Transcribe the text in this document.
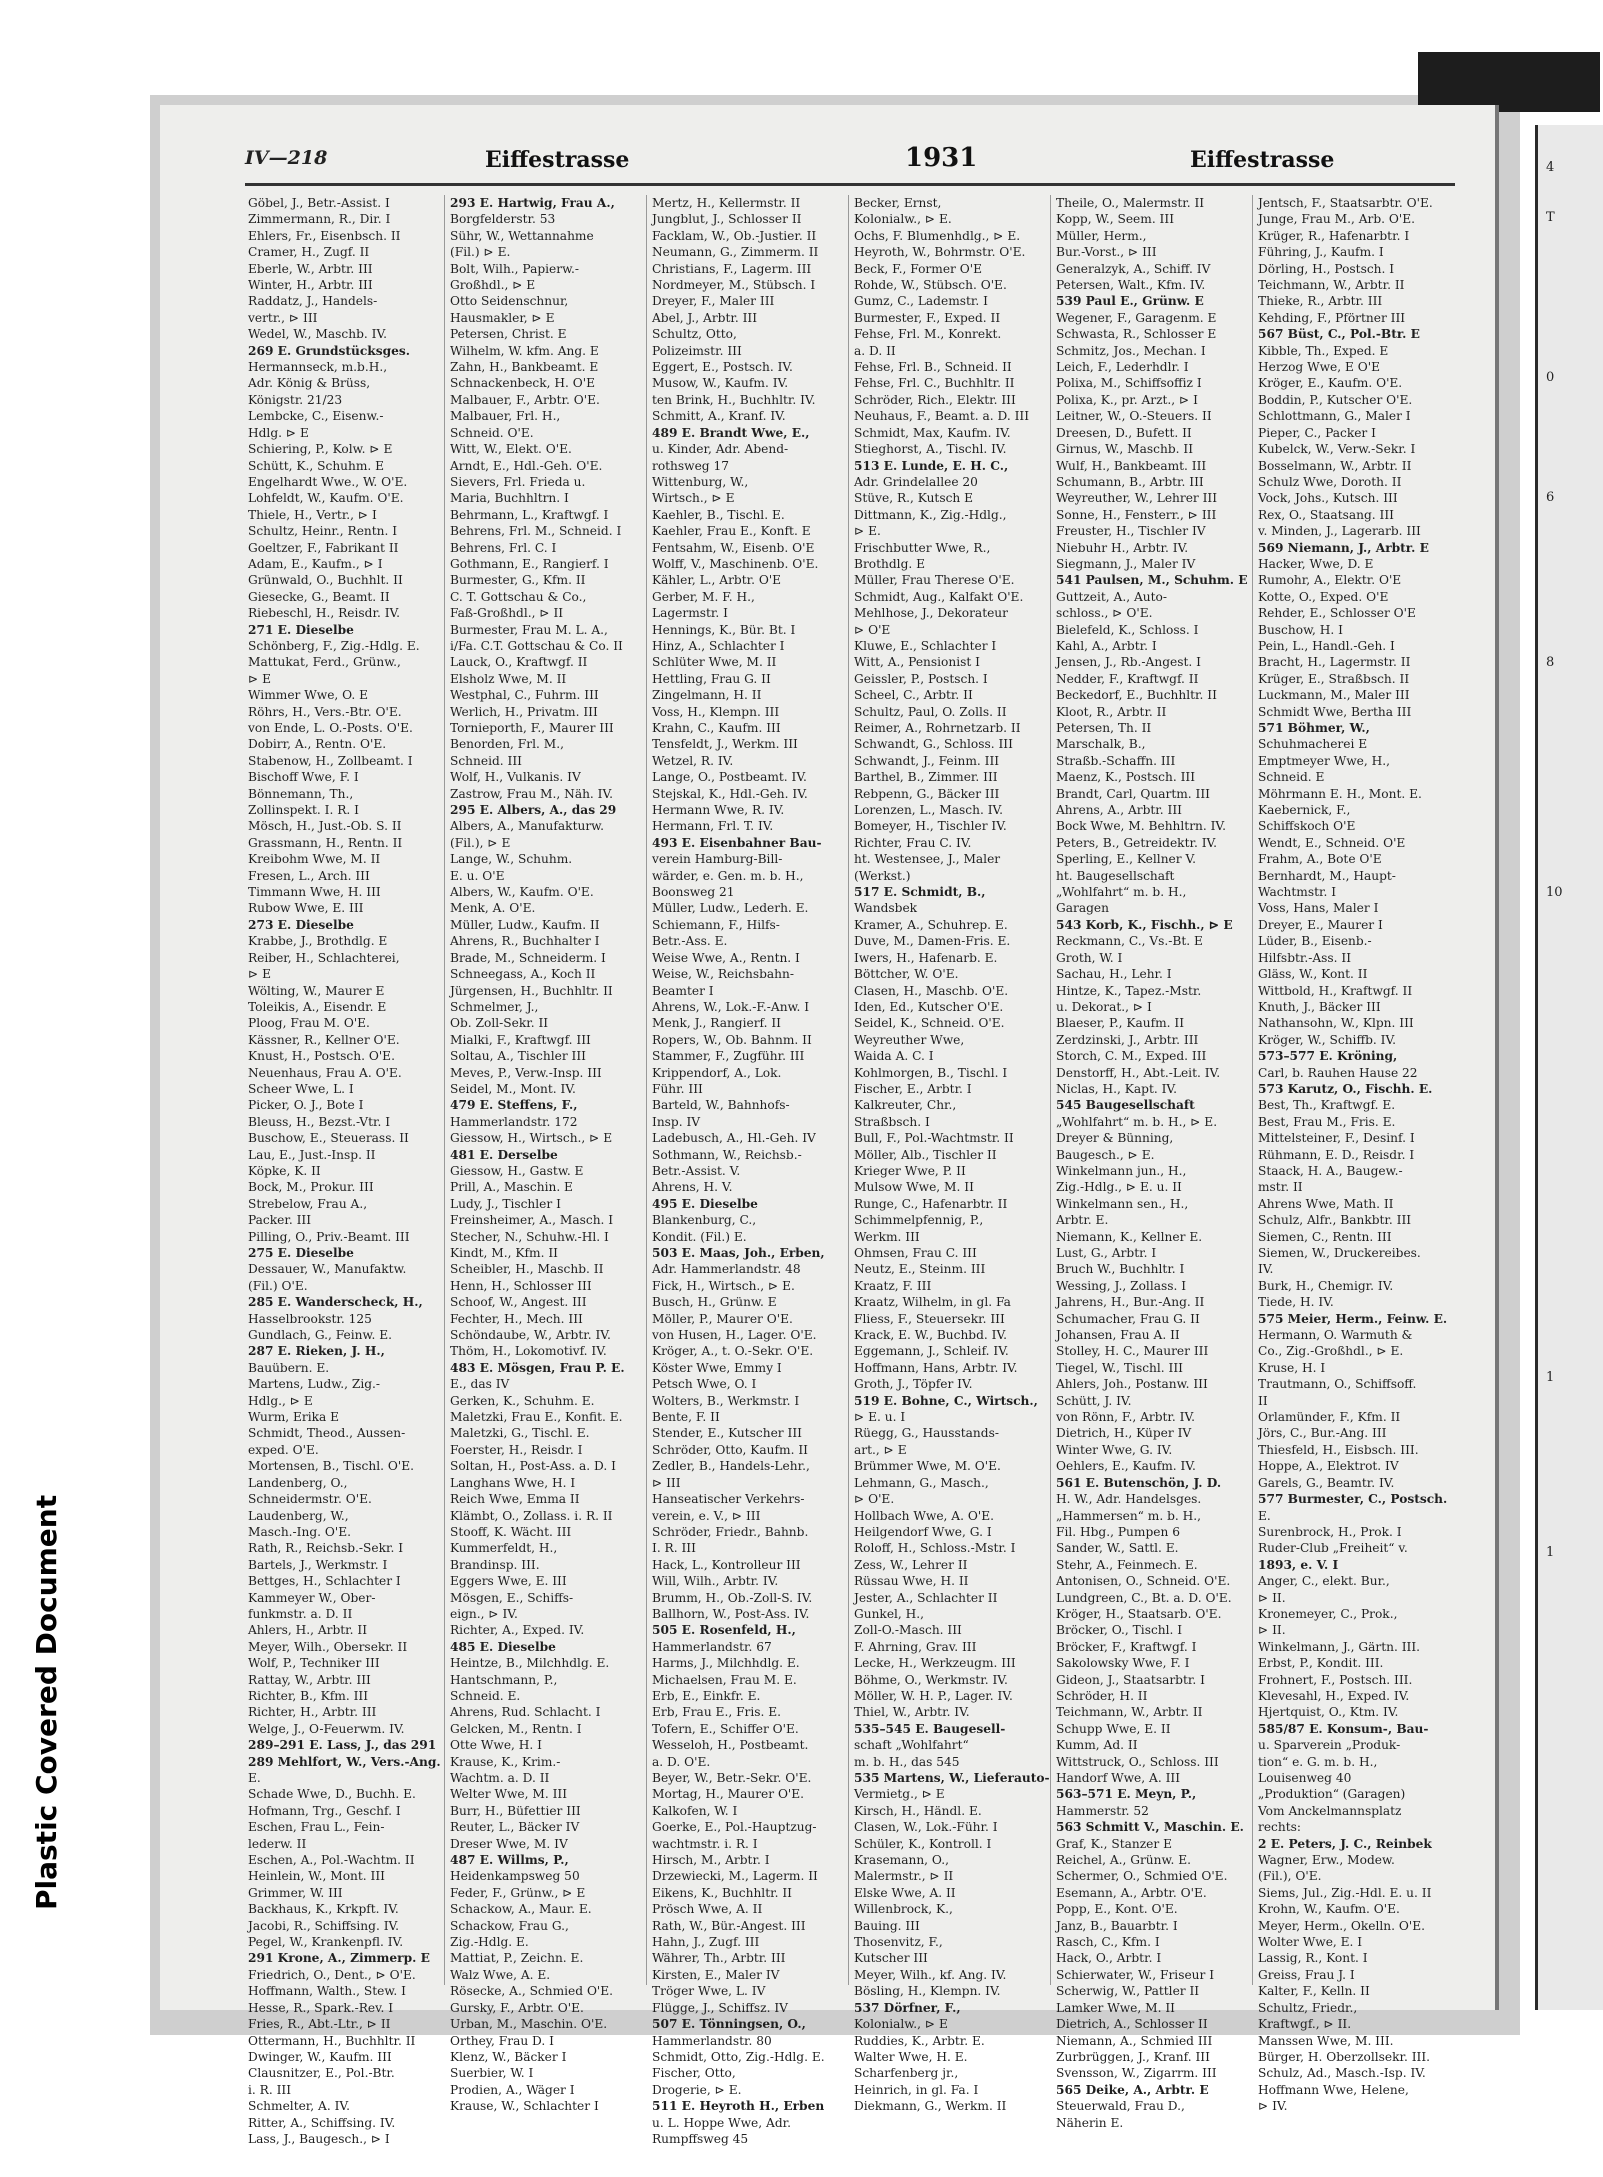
4
T
0
6
8
10
1
1
IV—218	Eiffestrasse	1931	Eiffestrasse
Göbel, J., Betr.-Assist. I
Zimmermann, R., Dir. I
Ehlers, Fr., Eisenbsch. II
Cramer, H., Zugf. II
Eberle, W., Arbtr. III
Winter, H., Arbtr. III
Raddatz, J., Handels-
vertr., ⊳ III
Wedel, W., Maschb. IV.
269 E. Grundstücksges.
Hermannseck, m.b.H.,
Adr. König & Brüss,
Königstr. 21/23
Lembcke, C., Eisenw.-
Hdlg. ⊳ E
Schiering, P., Kolw. ⊳ E
Schütt, K., Schuhm. E
Engelhardt Wwe., W. O'E.
Lohfeldt, W., Kaufm. O'E.
Thiele, H., Vertr., ⊳ I
Schultz, Heinr., Rentn. I
Goeltzer, F., Fabrikant II
Adam, E., Kaufm., ⊳ I
Grünwald, O., Buchhlt. II
Giesecke, G., Beamt. II
Riebeschl, H., Reisdr. IV.
271 E. Dieselbe
Schönberg, F., Zig.-Hdlg. E.
Mattukat, Ferd., Grünw.,
⊳ E
Wimmer Wwe, O. E
Röhrs, H., Vers.-Btr. O'E.
von Ende, L. O.-Posts. O'E.
Dobirr, A., Rentn. O'E.
Stabenow, H., Zollbeamt. I
Bischoff Wwe, F. I
Bönnemann, Th.,
Zollinspekt. I. R. I
Mösch, H., Just.-Ob. S. II
Grassmann, H., Rentn. II
Kreibohm Wwe, M. II
Fresen, L., Arch. III
Timmann Wwe, H. III
Rubow Wwe, E. III
273 E. Dieselbe
Krabbe, J., Brothdlg. E
Reiber, H., Schlachterei,
⊳ E
Wölting, W., Maurer E
Toleikis, A., Eisendr. E
Ploog, Frau M. O'E.
Kässner, R., Kellner O'E.
Knust, H., Postsch. O'E.
Neuenhaus, Frau A. O'E.
Scheer Wwe, L. I
Picker, O. J., Bote I
Bleuss, H., Bezst.-Vtr. I
Buschow, E., Steuerass. II
Lau, E., Just.-Insp. II
Köpke, K. II
Bock, M., Prokur. III
Strebelow, Frau A.,
Packer. III
Pilling, O., Priv.-Beamt. III
275 E. Dieselbe
Dessauer, W., Manufaktw.
(Fil.) O'E.
285 E. Wanderscheck, H.,
Hasselbrookstr. 125
Gundlach, G., Feinw. E.
287 E. Rieken, J. H.,
Bauübern. E.
Martens, Ludw., Zig.-
Hdlg., ⊳ E
Wurm, Erika E
Schmidt, Theod., Aussen-
exped. O'E.
Mortensen, B., Tischl. O'E.
Landenberg, O.,
Schneidermstr. O'E.
Laudenberg, W.,
Masch.-Ing. O'E.
Rath, R., Reichsb.-Sekr. I
Bartels, J., Werkmstr. I
Bettges, H., Schlachter I
Kammeyer W., Ober-
funkmstr. a. D. II
Ahlers, H., Arbtr. II
Meyer, Wilh., Obersekr. II
Wolf, P., Techniker III
Rattay, W., Arbtr. III
Richter, B., Kfm. III
Richter, H., Arbtr. III
Welge, J., O-Feuerwm. IV.
289–291 E. Lass, J., das 291
289 Mehlfort, W., Vers.-Ang.
E.
Schade Wwe, D., Buchh. E.
Hofmann, Trg., Geschf. I
Eschen, Frau L., Fein-
lederw. II
Eschen, A., Pol.-Wachtm. II
Heinlein, W., Mont. III
Grimmer, W. III
Backhaus, K., Krkpft. IV.
Jacobi, R., Schiffsing. IV.
Pegel, W., Krankenpfl. IV.
291 Krone, A., Zimmerp. E
Friedrich, O., Dent., ⊳ O'E.
Hoffmann, Walth., Stew. I
Hesse, R., Spark.-Rev. I
Fries, R., Abt.-Ltr., ⊳ II
Ottermann, H., Buchhltr. II
Dwinger, W., Kaufm. III
Clausnitzer, E., Pol.-Btr.
i. R. III
Schmelter, A. IV.
Ritter, A., Schiffsing. IV.
Lass, J., Baugesch., ⊳ I
293 E. Hartwig, Frau A.,
Borgfelderstr. 53
Sühr, W., Wettannahme
(Fil.) ⊳ E.
Bolt, Wilh., Papierw.-
Großhdl., ⊳ E
Otto Seidenschnur,
Hausmakler, ⊳ E
Petersen, Christ. E
Wilhelm, W. kfm. Ang. E
Zahn, H., Bankbeamt. E
Schnackenbeck, H. O'E
Malbauer, F., Arbtr. O'E.
Malbauer, Frl. H.,
Schneid. O'E.
Witt, W., Elekt. O'E.
Arndt, E., Hdl.-Geh. O'E.
Sievers, Frl. Frieda u.
Maria, Buchhltrn. I
Behrmann, L., Kraftwgf. I
Behrens, Frl. M., Schneid. I
Behrens, Frl. C. I
Gothmann, E., Rangierf. I
Burmester, G., Kfm. II
C. T. Gottschau & Co.,
Faß-Großhdl., ⊳ II
Burmester, Frau M. L. A.,
i/Fa. C.T. Gottschau & Co. II
Lauck, O., Kraftwgf. II
Elsholz Wwe, M. II
Westphal, C., Fuhrm. III
Werlich, H., Privatm. III
Tornieporth, F., Maurer III
Benorden, Frl. M.,
Schneid. III
Wolf, H., Vulkanis. IV
Zastrow, Frau M., Näh. IV.
295 E. Albers, A., das 29
Albers, A., Manufakturw.
(Fil.), ⊳ E
Lange, W., Schuhm.
E. u. O'E
Albers, W., Kaufm. O'E.
Menk, A. O'E.
Müller, Ludw., Kaufm. II
Ahrens, R., Buchhalter I
Brade, M., Schneiderm. I
Schneegass, A., Koch II
Jürgensen, H., Buchhltr. II
Schmelmer, J.,
Ob. Zoll-Sekr. II
Mialki, F., Kraftwgf. III
Soltau, A., Tischler III
Meves, P., Verw.-Insp. III
Seidel, M., Mont. IV.
479 E. Steffens, F.,
Hammerlandstr. 172
Giessow, H., Wirtsch., ⊳ E
481 E. Derselbe
Giessow, H., Gastw. E
Prill, A., Maschin. E
Ludy, J., Tischler I
Freinsheimer, A., Masch. I
Stecher, N., Schuhw.-Hl. I
Kindt, M., Kfm. II
Scheibler, H., Maschb. II
Henn, H., Schlosser III
Schoof, W., Angest. III
Fechter, H., Mech. III
Schöndaube, W., Arbtr. IV.
Thöm, H., Lokomotivf. IV.
483 E. Mösgen, Frau P. E.
E., das IV
Gerken, K., Schuhm. E.
Maletzki, Frau E., Konfit. E.
Maletzki, G., Tischl. E.
Foerster, H., Reisdr. I
Soltan, H., Post-Ass. a. D. I
Langhans Wwe, H. I
Reich Wwe, Emma II
Klämbt, O., Zollass. i. R. II
Stooff, K. Wächt. III
Kummerfeldt, H.,
Brandinsp. III.
Eggers Wwe, E. III
Mösgen, E., Schiffs-
eign., ⊳ IV.
Richter, A., Exped. IV.
485 E. Dieselbe
Heintze, B., Milchhdlg. E.
Hantschmann, P.,
Schneid. E.
Ahrens, Rud. Schlacht. I
Gelcken, M., Rentn. I
Otte Wwe, H. I
Krause, K., Krim.-
Wachtm. a. D. II
Welter Wwe, M. III
Burr, H., Büfettier III
Reuter, L., Bäcker IV
Dreser Wwe, M. IV
487 E. Willms, P.,
Heidenkampsweg 50
Feder, F., Grünw., ⊳ E
Schackow, A., Maur. E.
Schackow, Frau G.,
Zig.-Hdlg. E.
Mattiat, P., Zeichn. E.
Walz Wwe, A. E.
Rösecke, A., Schmied O'E.
Gursky, F., Arbtr. O'E.
Urban, M., Maschin. O'E.
Orthey, Frau D. I
Klenz, W., Bäcker I
Suerbier, W. I
Prodien, A., Wäger I
Krause, W., Schlachter I
Mertz, H., Kellermstr. II
Jungblut, J., Schlosser II
Facklam, W., Ob.-Justier. II
Neumann, G., Zimmerm. II
Christians, F., Lagerm. III
Nordmeyer, M., Stübsch. I
Dreyer, F., Maler III
Abel, J., Arbtr. III
Schultz, Otto,
Polizeimstr. III
Eggert, E., Postsch. IV.
Musow, W., Kaufm. IV.
ten Brink, H., Buchhltr. IV.
Schmitt, A., Kranf. IV.
489 E. Brandt Wwe, E.,
u. Kinder, Adr. Abend-
rothsweg 17
Wittenburg, W.,
Wirtsch., ⊳ E
Kaehler, B., Tischl. E.
Kaehler, Frau E., Konft. E
Fentsahm, W., Eisenb. O'E
Wolff, V., Maschinenb. O'E.
Kähler, L., Arbtr. O'E
Gerber, M. F. H.,
Lagermstr. I
Hennings, K., Bür. Bt. I
Hinz, A., Schlachter I
Schlüter Wwe, M. II
Hettling, Frau G. II
Zingelmann, H. II
Voss, H., Klempn. III
Krahn, C., Kaufm. III
Tensfeldt, J., Werkm. III
Wetzel, R. IV.
Lange, O., Postbeamt. IV.
Stejskal, K., Hdl.-Geh. IV.
Hermann Wwe, R. IV.
Hermann, Frl. T. IV.
493 E. Eisenbahner Bau-
verein Hamburg-Bill-
wärder, e. Gen. m. b. H.,
Boonsweg 21
Müller, Ludw., Lederh. E.
Schiemann, F., Hilfs-
Betr.-Ass. E.
Weise Wwe, A., Rentn. I
Weise, W., Reichsbahn-
Beamter I
Ahrens, W., Lok.-F.-Anw. I
Menk, J., Rangierf. II
Ropers, W., Ob. Bahnm. II
Stammer, F., Zugführ. III
Krippendorf, A., Lok.
Führ. III
Barteld, W., Bahnhofs-
Insp. IV
Ladebusch, A., Hl.-Geh. IV
Sothmann, W., Reichsb.-
Betr.-Assist. V.
Ahrens, H. V.
495 E. Dieselbe
Blankenburg, C.,
Kondit. (Fil.) E.
503 E. Maas, Joh., Erben,
Adr. Hammerlandstr. 48
Fick, H., Wirtsch., ⊳ E.
Busch, H., Grünw. E
Möller, P., Maurer O'E.
von Husen, H., Lager. O'E.
Kröger, A., t. O.-Sekr. O'E.
Köster Wwe, Emmy I
Petsch Wwe, O. I
Wolters, B., Werkmstr. I
Bente, F. II
Stender, E., Kutscher III
Schröder, Otto, Kaufm. II
Zedler, B., Handels-Lehr.,
⊳ III
Hanseatischer Verkehrs-
verein, e. V., ⊳ III
Schröder, Friedr., Bahnb.
I. R. III
Hack, L., Kontrolleur III
Will, Wilh., Arbtr. IV.
Brumm, H., Ob.-Zoll-S. IV.
Ballhorn, W., Post-Ass. IV.
505 E. Rosenfeld, H.,
Hammerlandstr. 67
Harms, J., Milchhdlg. E.
Michaelsen, Frau M. E.
Erb, E., Einkfr. E.
Erb, Frau E., Fris. E.
Tofern, E., Schiffer O'E.
Wesseloh, H., Postbeamt.
a. D. O'E.
Beyer, W., Betr.-Sekr. O'E.
Mortag, H., Maurer O'E.
Kalkofen, W. I
Goerke, E., Pol.-Hauptzug-
wachtmstr. i. R. I
Hirsch, M., Arbtr. I
Drzewiecki, M., Lagerm. II
Eikens, K., Buchhltr. II
Prösch Wwe, A. II
Rath, W., Bür.-Angest. III
Hahn, J., Zugf. III
Währer, Th., Arbtr. III
Kirsten, E., Maler IV
Tröger Wwe, L. IV
Flügge, J., Schiffsz. IV
507 E. Tönningsen, O.,
Hammerlandstr. 80
Schmidt, Otto, Zig.-Hdlg. E.
Fischer, Otto,
Drogerie, ⊳ E.
511 E. Heyroth H., Erben
u. L. Hoppe Wwe, Adr.
Rumpffsweg 45
Becker, Ernst,
Kolonialw., ⊳ E.
Ochs, F. Blumenhdlg., ⊳ E.
Heyroth, W., Bohrmstr. O'E.
Beck, F., Former O'E
Rohde, W., Stübsch. O'E.
Gumz, C., Lademstr. I
Burmester, F., Exped. II
Fehse, Frl. M., Konrekt.
a. D. II
Fehse, Frl. B., Schneid. II
Fehse, Frl. C., Buchhltr. II
Schröder, Rich., Elektr. III
Neuhaus, F., Beamt. a. D. III
Schmidt, Max, Kaufm. IV.
Stieghorst, A., Tischl. IV.
513 E. Lunde, E. H. C.,
Adr. Grindelallee 20
Stüve, R., Kutsch E
Dittmann, K., Zig.-Hdlg.,
⊳ E.
Frischbutter Wwe, R.,
Brothdlg. E
Müller, Frau Therese O'E.
Schmidt, Aug., Kalfakt O'E.
Mehlhose, J., Dekorateur
⊳ O'E
Kluwe, E., Schlachter I
Witt, A., Pensionist I
Geissler, P., Postsch. I
Scheel, C., Arbtr. II
Schultz, Paul, O. Zolls. II
Reimer, A., Rohrnetzarb. II
Schwandt, G., Schloss. III
Schwandt, J., Feinm. III
Barthel, B., Zimmer. III
Rebpenn, G., Bäcker III
Lorenzen, L., Masch. IV.
Bomeyer, H., Tischler IV.
Richter, Frau C. IV.
ht. Westensee, J., Maler
(Werkst.)
517 E. Schmidt, B.,
Wandsbek
Kramer, A., Schuhrep. E.
Duve, M., Damen-Fris. E.
Iwers, H., Hafenarb. E.
Böttcher, W. O'E.
Clasen, H., Maschb. O'E.
Iden, Ed., Kutscher O'E.
Seidel, K., Schneid. O'E.
Weyreuther Wwe,
Waida A. C. I
Kohlmorgen, B., Tischl. I
Fischer, E., Arbtr. I
Kalkreuter, Chr.,
Straßbsch. I
Bull, F., Pol.-Wachtmstr. II
Möller, Alb., Tischler II
Krieger Wwe, P. II
Mulsow Wwe, M. II
Runge, C., Hafenarbtr. II
Schimmelpfennig, P.,
Werkm. III
Ohmsen, Frau C. III
Neutz, E., Steinm. III
Kraatz, F. III
Kraatz, Wilhelm, in gl. Fa
Fliess, F., Steuersekr. III
Krack, E. W., Buchbd. IV.
Eggemann, J., Schleif. IV.
Hoffmann, Hans, Arbtr. IV.
Groth, J., Töpfer IV.
519 E. Bohne, C., Wirtsch.,
⊳ E. u. I
Rüegg, G., Hausstands-
art., ⊳ E
Brümmer Wwe, M. O'E.
Lehmann, G., Masch.,
⊳ O'E.
Hollbach Wwe, A. O'E.
Heilgendorf Wwe, G. I
Roloff, H., Schloss.-Mstr. I
Zess, W., Lehrer II
Rüssau Wwe, H. II
Jester, A., Schlachter II
Gunkel, H.,
Zoll-O.-Masch. III
F. Ahrning, Grav. III
Lecke, H., Werkzeugm. III
Böhme, O., Werkmstr. IV.
Möller, W. H. P., Lager. IV.
Thiel, W., Arbtr. IV.
535–545 E. Baugesell-
schaft „Wohlfahrt“
m. b. H., das 545
535 Martens, W., Lieferauto-
Vermietg., ⊳ E
Kirsch, H., Händl. E.
Clasen, W., Lok.-Führ. I
Schüler, K., Kontroll. I
Krasemann, O.,
Malermstr., ⊳ II
Elske Wwe, A. II
Willenbrock, K.,
Bauing. III
Thosenvitz, F.,
Kutscher III
Meyer, Wilh., kf. Ang. IV.
Bösling, H., Klempn. IV.
537 Dörfner, F.,
Kolonialw., ⊳ E
Ruddies, K., Arbtr. E.
Walter Wwe, H. E.
Scharfenberg jr.,
Heinrich, in gl. Fa. I
Diekmann, G., Werkm. II
Theile, O., Malermstr. II
Kopp, W., Seem. III
Müller, Herm.,
Bur.-Vorst., ⊳ III
Generalzyk, A., Schiff. IV
Petersen, Walt., Kfm. IV.
539 Paul E., Grünw. E
Wegener, F., Garagenm. E
Schwasta, R., Schlosser E
Schmitz, Jos., Mechan. I
Leich, F., Lederhdlr. I
Polixa, M., Schiffsoffiz I
Polixa, K., pr. Arzt., ⊳ I
Leitner, W., O.-Steuers. II
Dreesen, D., Bufett. II
Girnus, W., Maschb. II
Wulf, H., Bankbeamt. III
Schumann, B., Arbtr. III
Weyreuther, W., Lehrer III
Sonne, H., Fensterr., ⊳ III
Freuster, H., Tischler IV
Niebuhr H., Arbtr. IV.
Siegmann, J., Maler IV
541 Paulsen, M., Schuhm. E
Guttzeit, A., Auto-
schloss., ⊳ O'E.
Bielefeld, K., Schloss. I
Kahl, A., Arbtr. I
Jensen, J., Rb.-Angest. I
Nedder, F., Kraftwgf. II
Beckedorf, E., Buchhltr. II
Kloot, R., Arbtr. II
Petersen, Th. II
Marschalk, B.,
Straßb.-Schaffn. III
Maenz, K., Postsch. III
Brandt, Carl, Quartm. III
Ahrens, A., Arbtr. III
Bock Wwe, M. Behhltrn. IV.
Peters, B., Getreidektr. IV.
Sperling, E., Kellner V.
ht. Baugesellschaft
„Wohlfahrt“ m. b. H.,
Garagen
543 Korb, K., Fischh., ⊳ E
Reckmann, C., Vs.-Bt. E
Groth, W. I
Sachau, H., Lehr. I
Hintze, K., Tapez.-Mstr.
u. Dekorat., ⊳ I
Blaeser, P., Kaufm. II
Zerdzinski, J., Arbtr. III
Storch, C. M., Exped. III
Denstorff, H., Abt.-Leit. IV.
Niclas, H., Kapt. IV.
545 Baugesellschaft
„Wohlfahrt“ m. b. H., ⊳ E.
Dreyer & Bünning,
Baugesch., ⊳ E.
Winkelmann jun., H.,
Zig.-Hdlg., ⊳ E. u. II
Winkelmann sen., H.,
Arbtr. E.
Niemann, K., Kellner E.
Lust, G., Arbtr. I
Bruch W., Buchhltr. I
Wessing, J., Zollass. I
Jahrens, H., Bur.-Ang. II
Schumacher, Frau G. II
Johansen, Frau A. II
Stolley, H. C., Maurer III
Tiegel, W., Tischl. III
Ahlers, Joh., Postanw. III
Schütt, J. IV.
von Rönn, F., Arbtr. IV.
Dietrich, H., Küper IV
Winter Wwe, G. IV.
Oehlers, E., Kaufm. IV.
561 E. Butenschön, J. D.
H. W., Adr. Handelsges.
„Hammersen“ m. b. H.,
Fil. Hbg., Pumpen 6
Sander, W., Sattl. E.
Stehr, A., Feinmech. E.
Antonisen, O., Schneid. O'E.
Lundgreen, C., Bt. a. D. O'E.
Kröger, H., Staatsarb. O'E.
Bröcker, O., Tischl. I
Bröcker, F., Kraftwgf. I
Sakolowsky Wwe, F. I
Gideon, J., Staatsarbtr. I
Schröder, H. II
Teichmann, W., Arbtr. II
Schupp Wwe, E. II
Kumm, Ad. II
Wittstruck, O., Schloss. III
Handorf Wwe, A. III
563–571 E. Meyn, P.,
Hammerstr. 52
563 Schmitt V., Maschin. E.
Graf, K., Stanzer E
Reichel, A., Grünw. E.
Schermer, O., Schmied O'E.
Esemann, A., Arbtr. O'E.
Popp, E., Kont. O'E.
Janz, B., Bauarbtr. I
Rasch, C., Kfm. I
Hack, O., Arbtr. I
Schierwater, W., Friseur I
Scherwig, W., Pattler II
Lamker Wwe, M. II
Dietrich, A., Schlosser II
Niemann, A., Schmied III
Zurbrüggen, J., Kranf. III
Svensson, W., Zigarrm. III
565 Deike, A., Arbtr. E
Steuerwald, Frau D.,
Näherin E.
Jentsch, F., Staatsarbtr. O'E.
Junge, Frau M., Arb. O'E.
Krüger, R., Hafenarbtr. I
Führing, J., Kaufm. I
Dörling, H., Postsch. I
Teichmann, W., Arbtr. II
Thieke, R., Arbtr. III
Kehding, F., Pförtner III
567 Büst, C., Pol.-Btr. E
Kibble, Th., Exped. E
Herzog Wwe, E O'E
Kröger, E., Kaufm. O'E.
Boddin, P., Kutscher O'E.
Schlottmann, G., Maler I
Pieper, C., Packer I
Kubelck, W., Verw.-Sekr. I
Bosselmann, W., Arbtr. II
Schulz Wwe, Doroth. II
Vock, Johs., Kutsch. III
Rex, O., Staatsang. III
v. Minden, J., Lagerarb. III
569 Niemann, J., Arbtr. E
Hacker, Wwe, D. E
Rumohr, A., Elektr. O'E
Kotte, O., Exped. O'E
Rehder, E., Schlosser O'E
Buschow, H. I
Pein, L., Handl.-Geh. I
Bracht, H., Lagermstr. II
Krüger, E., Straßbsch. II
Luckmann, M., Maler III
Schmidt Wwe, Bertha III
571 Böhmer, W.,
Schuhmacherei E
Emptmeyer Wwe, H.,
Schneid. E
Möhrmann E. H., Mont. E.
Kaebernick, F.,
Schiffskoch O'E
Wendt, E., Schneid. O'E
Frahm, A., Bote O'E
Bernhardt, M., Haupt-
Wachtmstr. I
Voss, Hans, Maler I
Dreyer, E., Maurer I
Lüder, B., Eisenb.-
Hilfsbtr.-Ass. II
Gläss, W., Kont. II
Wittbold, H., Kraftwgf. II
Knuth, J., Bäcker III
Nathansohn, W., Klpn. III
Kröger, W., Schiffb. IV.
573–577 E. Kröning,
Carl, b. Rauhen Hause 22
573 Karutz, O., Fischh. E.
Best, Th., Kraftwgf. E.
Best, Frau M., Fris. E.
Mittelsteiner, F., Desinf. I
Rühmann, E. D., Reisdr. I
Staack, H. A., Baugew.-
mstr. II
Ahrens Wwe, Math. II
Schulz, Alfr., Bankbtr. III
Siemen, C., Rentn. III
Siemen, W., Druckereibes.
IV.
Burk, H., Chemigr. IV.
Tiede, H. IV.
575 Meier, Herm., Feinw. E.
Hermann, O. Warmuth &
Co., Zig.-Großhdl., ⊳ E.
Kruse, H. I
Trautmann, O., Schiffsoff.
II
Orlamünder, F., Kfm. II
Jörs, C., Bur.-Ang. III
Thiesfeld, H., Eisbsch. III.
Hoppe, A., Elektrot. IV
Garels, G., Beamtr. IV.
577 Burmester, C., Postsch.
E.
Surenbrock, H., Prok. I
Ruder-Club „Freiheit“ v.
1893, e. V. I
Anger, C., elekt. Bur.,
⊳ II.
Kronemeyer, C., Prok.,
⊳ II.
Winkelmann, J., Gärtn. III.
Erbst, P., Kondit. III.
Frohnert, F., Postsch. III.
Klevesahl, H., Exped. IV.
Hjertquist, O., Ktm. IV.
585/87 E. Konsum-, Bau-
u. Sparverein „Produk-
tion“ e. G. m. b. H.,
Louisenweg 40
„Produktion“ (Garagen)
Vom Anckelmannsplatz
rechts:
2 E. Peters, J. C., Reinbek
Wagner, Erw., Modew.
(Fil.), O'E.
Siems, Jul., Zig.-Hdl. E. u. II
Krohn, W., Kaufm. O'E.
Meyer, Herm., Okelln. O'E.
Wolter Wwe, E. I
Lassig, R., Kont. I
Greiss, Frau J. I
Kalter, F., Kelln. II
Schultz, Friedr.,
Kraftwgf., ⊳ II.
Manssen Wwe, M. III.
Bürger, H. Oberzollsekr. III.
Schulz, Ad., Masch.-Isp. IV.
Hoffmann Wwe, Helene,
⊳ IV.
Plastic Covered Document
